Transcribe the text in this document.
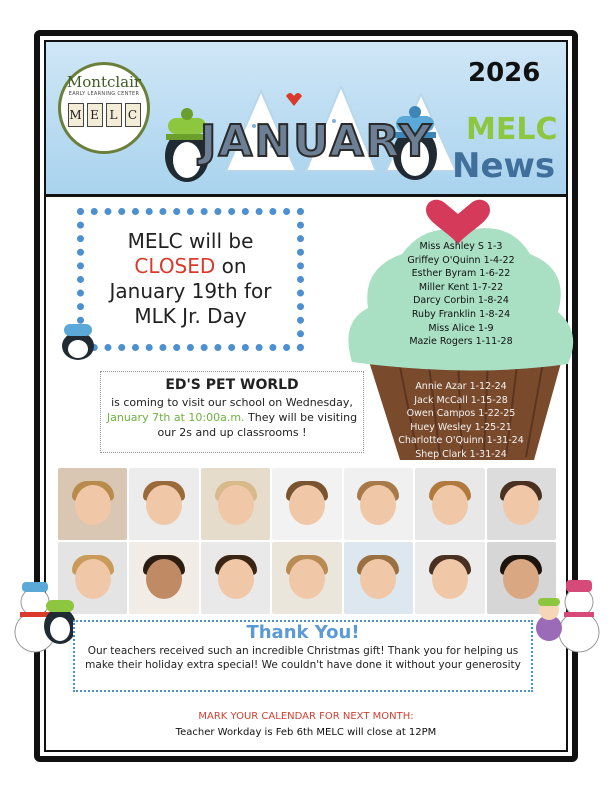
Montclair
EARLY LEARNING CENTER
M E L C
JANUARY
2026
MELC
News
MELC will be
CLOSED on
January 19th for
MLK Jr. Day
ED'S PET WORLD
is coming to visit our school on Wednesday,
January 7th at 10:00a.m. They will be visiting
our 2s and up classrooms !
Miss Ashley S 1-3
Griffey O'Quinn 1-4-22
Esther Byram 1-6-22
Miller Kent 1-7-22
Darcy Corbin 1-8-24
Ruby Franklin 1-8-24
Miss Alice 1-9
Mazie Rogers 1-11-28
Annie Azar 1-12-24
Jack McCall 1-15-28
Owen Campos 1-22-25
Huey Wesley 1-25-21
Charlotte O'Quinn 1-31-24
Shep Clark 1-31-24
Thank You!
Our teachers received such an incredible Christmas gift! Thank you for helping us
make their holiday extra special! We couldn't have done it without your generosity
MARK YOUR CALENDAR FOR NEXT MONTH:
Teacher Workday is Feb 6th MELC will close at 12PM
